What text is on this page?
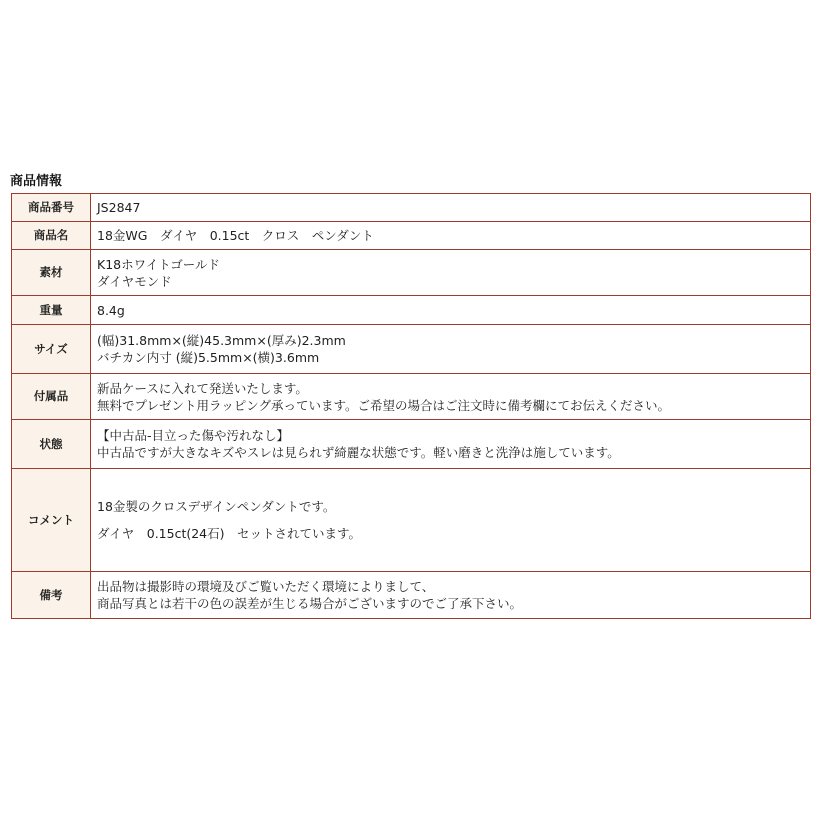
商品情報
商品番号	JS2847

商品名	18金WG　ダイヤ　0.15ct　クロス　ペンダント

素材	K18ホワイトゴールド
ダイヤモンド

重量	8.4g

サイズ	(幅)31.8mm×(縦)45.3mm×(厚み)2.3mm
バチカン内寸 (縦)5.5mm×(横)3.6mm

付属品	新品ケースに入れて発送いたします。
無料でプレゼント用ラッピング承っています。ご希望の場合はご注文時に備考欄にてお伝えください。

状態	【中古品-目立った傷や汚れなし】
中古品ですが大きなキズやスレは見られず綺麗な状態です。軽い磨きと洗浄は施しています。

コメント	18金製のクロスデザインペンダントです。
ダイヤ　0.15ct(24石)　セットされています。

備考	出品物は撮影時の環境及びご覧いただく環境によりまして、
商品写真とは若干の色の誤差が生じる場合がございますのでご了承下さい。
